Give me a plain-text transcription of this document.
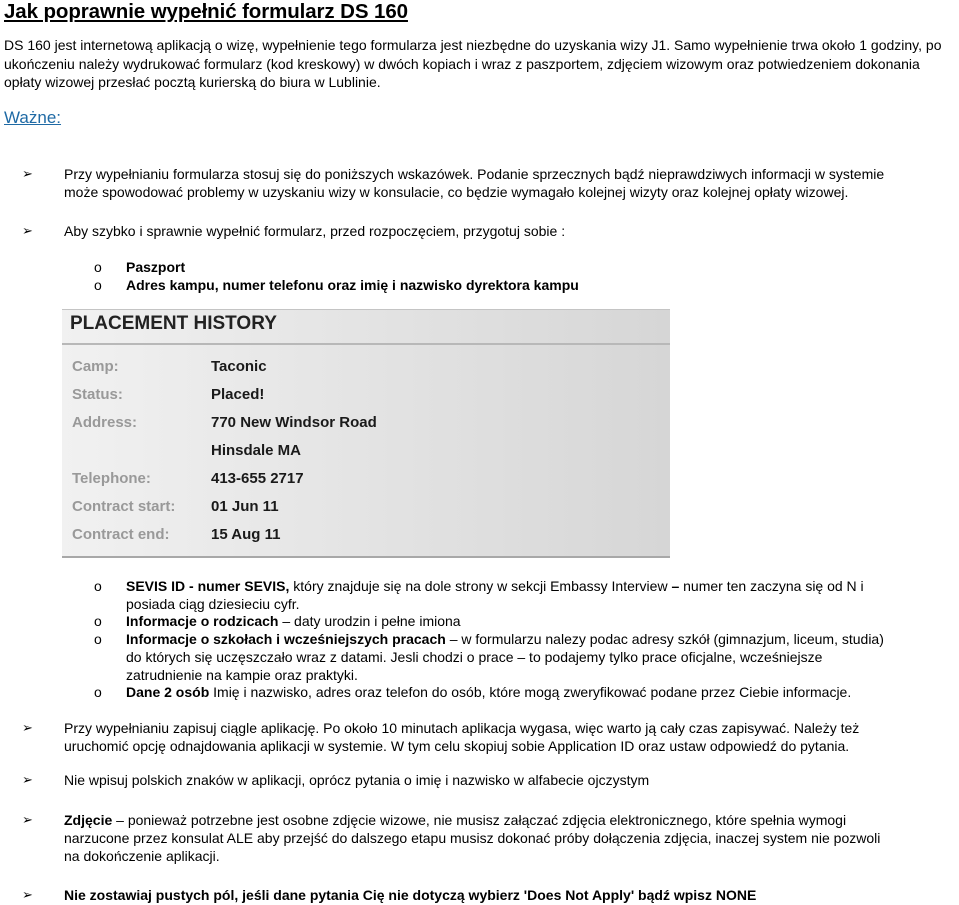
Jak poprawnie wypełnić formularz DS 160
DS 160 jest internetową aplikacją o wizę, wypełnienie tego formularza jest niezbędne do uzyskania wizy J1. Samo wypełnienie trwa około 1 godziny, po ukończeniu należy wydrukować formularz (kod kreskowy) w dwóch kopiach i wraz z paszportem, zdjęciem wizowym oraz potwiedzeniem dokonania opłaty wizowej przesłać pocztą kurierską do biura w Lublinie.
Ważne:
➢ Przy wypełnianiu formularza stosuj się do poniższych wskazówek. Podanie sprzecznych bądź nieprawdziwych informacji w systemie
może spowodować problemy w uzyskaniu wizy w konsulacie, co będzie wymagało kolejnej wizyty oraz kolejnej opłaty wizowej.
➢ Aby szybko i sprawnie wypełnić formularz, przed rozpoczęciem, przygotuj sobie :
o Paszport
o Adres kampu, numer telefonu oraz imię i nazwisko dyrektora kampu
PLACEMENT HISTORY
Camp:	Taconic
Status:	Placed!
Address:	770 New Windsor Road
Hinsdale MA
Telephone:	413-655 2717
Contract start: 01 Jun 11
Contract end:	15 Aug 11
o SEVIS ID - numer SEVIS, który znajduje się na dole strony w sekcji Embassy Interview – numer ten zaczyna się od N i
posiada ciąg dziesieciu cyfr.
o Informacje o rodzicach – daty urodzin i pełne imiona
o Informacje o szkołach i wcześniejszych pracach – w formularzu nalezy podac adresy szkół (gimnazjum, liceum, studia)
do których się uczęszczało wraz z datami. Jesli chodzi o prace – to podajemy tylko prace oficjalne, wcześniejsze
zatrudnienie na kampie oraz praktyki.
o Dane 2 osób Imię i nazwisko, adres oraz telefon do osób, które mogą zweryfikować podane przez Ciebie informacje.
➢ Przy wypełnianiu zapisuj ciągle aplikację. Po około 10 minutach aplikacja wygasa, więc warto ją cały czas zapisywać. Należy też
uruchomić opcję odnajdowania aplikacji w systemie. W tym celu skopiuj sobie Application ID oraz ustaw odpowiedź do pytania.
➢ Nie wpisuj polskich znaków w aplikacji, oprócz pytania o imię i nazwisko w alfabecie ojczystym
➢ Zdjęcie – ponieważ potrzebne jest osobne zdjęcie wizowe, nie musisz załączać zdjęcia elektronicznego, które spełnia wymogi
narzucone przez konsulat ALE aby przejść do dalszego etapu musisz dokonać próby dołączenia zdjęcia, inaczej system nie pozwoli
na dokończenie aplikacji.
➢ Nie zostawiaj pustych pól, jeśli dane pytania Cię nie dotyczą wybierz 'Does Not Apply' bądź wpisz NONE
